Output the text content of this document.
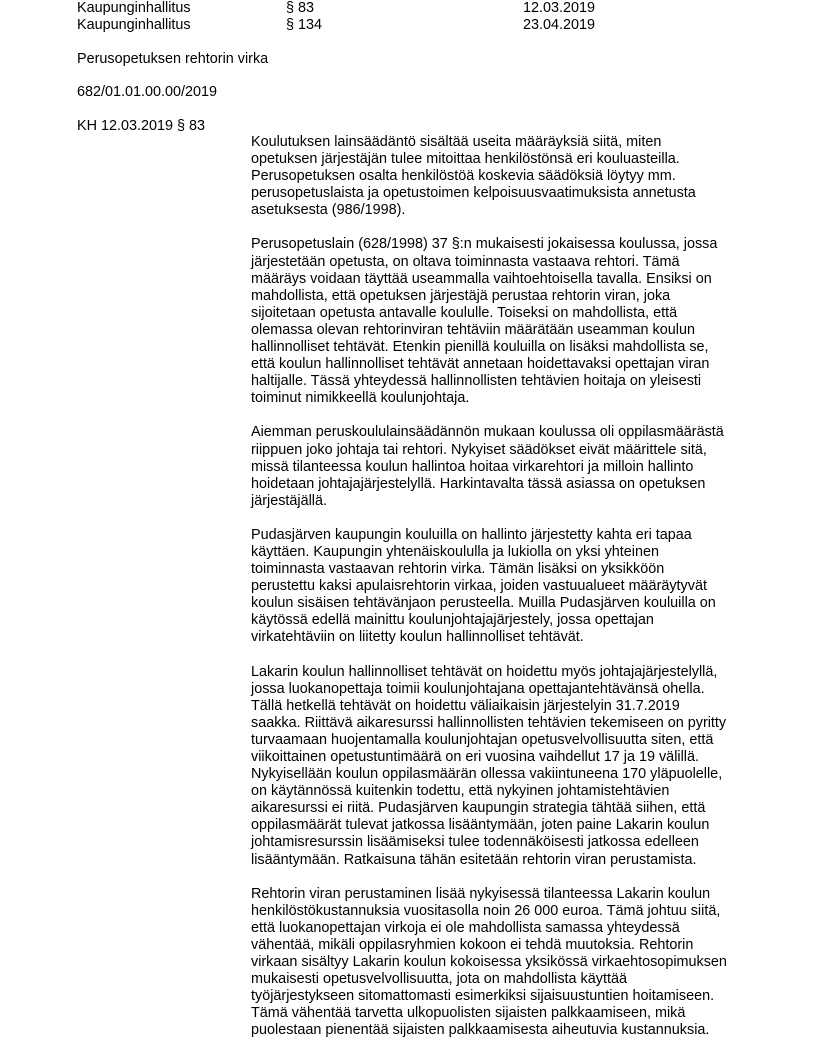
Kaupunginhallitus	§ 83	12.03.2019
Kaupunginhallitus	§ 134	23.04.2019
Perusopetuksen rehtorin virka
682/01.01.00.00/2019
KH 12.03.2019 § 83

Koulutuksen lainsäädäntö sisältää useita määräyksiä siitä, miten
opetuksen järjestäjän tulee mitoittaa henkilöstönsä eri kouluasteilla.
Perusopetuksen osalta henkilöstöä koskevia säädöksiä löytyy mm.
perusopetuslaista ja opetustoimen kelpoisuusvaatimuksista annetusta
asetuksesta (986/1998).

Perusopetuslain (628/1998) 37 §:n mukaisesti jokaisessa koulussa, jossa
järjestetään opetusta, on oltava toiminnasta vastaava rehtori. Tämä
määräys voidaan täyttää useammalla vaihtoehtoisella tavalla. Ensiksi on
mahdollista, että opetuksen järjestäjä perustaa rehtorin viran, joka
sijoitetaan opetusta antavalle koululle. Toiseksi on mahdollista, että
olemassa olevan rehtorinviran tehtäviin määrätään useamman koulun
hallinnolliset tehtävät. Etenkin pienillä kouluilla on lisäksi mahdollista se,
että koulun hallinnolliset tehtävät annetaan hoidettavaksi opettajan viran
haltijalle. Tässä yhteydessä hallinnollisten tehtävien hoitaja on yleisesti
toiminut nimikkeellä koulunjohtaja.

Aiemman peruskoululainsäädännön mukaan koulussa oli oppilasmäärästä
riippuen joko johtaja tai rehtori. Nykyiset säädökset eivät määrittele sitä,
missä tilanteessa koulun hallintoa hoitaa virkarehtori ja milloin hallinto
hoidetaan johtajajärjestelyllä. Harkintavalta tässä asiassa on opetuksen
järjestäjällä.

Pudasjärven kaupungin kouluilla on hallinto järjestetty kahta eri tapaa
käyttäen. Kaupungin yhtenäiskoululla ja lukiolla on yksi yhteinen
toiminnasta vastaavan rehtorin virka. Tämän lisäksi on yksikköön
perustettu kaksi apulaisrehtorin virkaa, joiden vastuualueet määräytyvät
koulun sisäisen tehtävänjaon perusteella. Muilla Pudasjärven kouluilla on
käytössä edellä mainittu koulunjohtajajärjestely, jossa opettajan
virkatehtäviin on liitetty koulun hallinnolliset tehtävät.

Lakarin koulun hallinnolliset tehtävät on hoidettu myös johtajajärjestelyllä,
jossa luokanopettaja toimii koulunjohtajana opettajantehtävänsä ohella.
Tällä hetkellä tehtävät on hoidettu väliaikaisin järjestelyin 31.7.2019
saakka. Riittävä aikaresurssi hallinnollisten tehtävien tekemiseen on pyritty
turvaamaan huojentamalla koulunjohtajan opetusvelvollisuutta siten, että
viikoittainen opetustuntimäärä on eri vuosina vaihdellut 17 ja 19 välillä.
Nykyisellään koulun oppilasmäärän ollessa vakiintuneena 170 yläpuolelle,
on käytännössä kuitenkin todettu, että nykyinen johtamistehtävien
aikaresurssi ei riitä. Pudasjärven kaupungin strategia tähtää siihen, että
oppilasmäärät tulevat jatkossa lisääntymään, joten paine Lakarin koulun
johtamisresurssin lisäämiseksi tulee todennäköisesti jatkossa edelleen
lisääntymään. Ratkaisuna tähän esitetään rehtorin viran perustamista.

Rehtorin viran perustaminen lisää nykyisessä tilanteessa Lakarin koulun
henkilöstökustannuksia vuositasolla noin 26 000 euroa. Tämä johtuu siitä,
että luokanopettajan virkoja ei ole mahdollista samassa yhteydessä
vähentää, mikäli oppilasryhmien kokoon ei tehdä muutoksia. Rehtorin
virkaan sisältyy Lakarin koulun kokoisessa yksikössä virkaehtosopimuksen
mukaisesti opetusvelvollisuutta, jota on mahdollista käyttää
työjärjestykseen sitomattomasti esimerkiksi sijaisuustuntien hoitamiseen.
Tämä vähentää tarvetta ulkopuolisten sijaisten palkkaamiseen, mikä
puolestaan pienentää sijaisten palkkaamisesta aiheutuvia kustannuksia.
